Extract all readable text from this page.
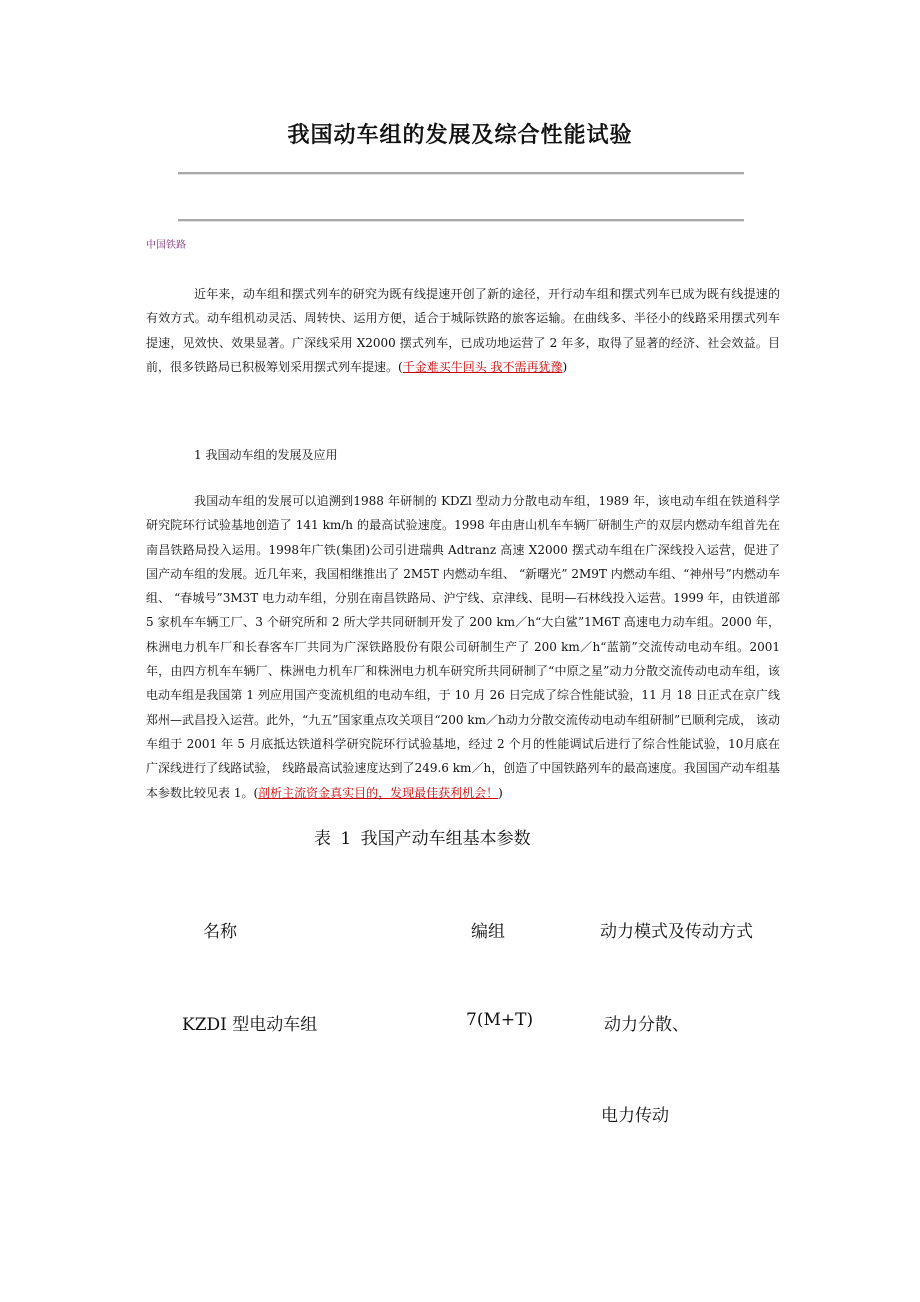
我国动车组的发展及综合性能试验
中国铁路

近年来，动车组和摆式列车的研究为既有线提速开创了新的途径，开行动车组和摆式列车已成为既有线提速的有效方式。动车组机动灵活、周转快、运用方便，适合于城际铁路的旅客运输。在曲线多、半径小的线路采用摆式列车提速，见效快、效果显著。广深线采用 X2000 摆式列车，已成功地运营了 2 年多，取得了显著的经济、社会效益。目前，很多铁路局已积极筹划采用摆式列车提速。(千金难买牛回头 我不需再犹豫)

1 我国动车组的发展及应用

我国动车组的发展可以追溯到1988 年研制的 KDZl 型动力分散电动车组，1989 年，该电动车组在铁道科学研究院环行试验基地创造了 141 km/h 的最高试验速度。1998 年由唐山机车车辆厂研制生产的双层内燃动车组首先在南昌铁路局投入运用。1998年广铁(集团)公司引进瑞典 Adtranz 高速 X2000 摆式动车组在广深线投入运营，促进了国产动车组的发展。近几年来，我国相继推出了 2M5T 内燃动车组、 “新曙光” 2M9T 内燃动车组、“神州号”内燃动车组、 “春城号”3M3T 电力动车组，分别在南昌铁路局、沪宁线、京津线、昆明—石林线投入运营。1999 年，由铁道部 5 家机车车辆工厂、3 个研究所和 2 所大学共同研制开发了 200 km／h“大白鲨”1M6T 高速电力动车组。2000 年，株洲电力机车厂和长春客车厂共同为广深铁路股份有限公司研制生产了 200 km／h“蓝箭”交流传动电动车组。2001 年，由四方机车车辆厂、株洲电力机车厂和株洲电力机车研究所共同研制了“中原之星”动力分散交流传动电动车组，该电动车组是我国第 1 列应用国产变流机组的电动车组，于 10 月 26 日完成了综合性能试验，11 月 18 日正式在京广线郑州—武昌投入运营。此外，“九五”国家重点攻关项目“200 km／h动力分散交流传动电动车组研制”已顺利完成， 该动车组于 2001 年 5 月底抵达铁道科学研究院环行试验基地，经过 2 个月的性能调试后进行了综合性能试验，10月底在广深线进行了线路试验， 线路最高试验速度达到了249.6 km／h，创造了中国铁路列车的最高速度。我国国产动车组基本参数比较见表 1。(剖析主流资金真实目的，发现最佳获利机会！)

表 1 我国产动车组基本参数

名称	编组	动力模式及传动方式
KZDI 型电动车组	7(M+T)	动力分散、
电力传动
